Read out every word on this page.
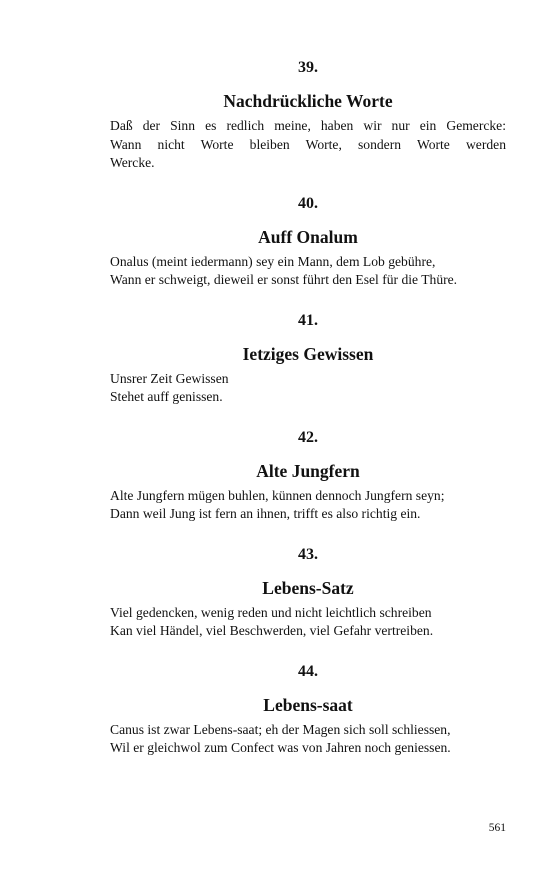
39.

Nachdrückliche Worte

Daß der Sinn es redlich meine, haben wir nur ein Gemercke:

Wann nicht Worte bleiben Worte, sondern Worte werden

Wercke.

40.

Auff Onalum

Onalus (meint iedermann) sey ein Mann, dem Lob gebühre,

Wann er schweigt, dieweil er sonst führt den Esel für die Thüre.

41.

Ietziges Gewissen

Unsrer Zeit Gewissen

Stehet auff genissen.

42.

Alte Jungfern

Alte Jungfern mügen buhlen, künnen dennoch Jungfern seyn;

Dann weil Jung ist fern an ihnen, trifft es also richtig ein.

43.

Lebens-Satz

Viel gedencken, wenig reden und nicht leichtlich schreiben

Kan viel Händel, viel Beschwerden, viel Gefahr vertreiben.

44.

Lebens-saat

Canus ist zwar Lebens-saat; eh der Magen sich soll schliessen,

Wil er gleichwol zum Confect was von Jahren noch geniessen.

561
